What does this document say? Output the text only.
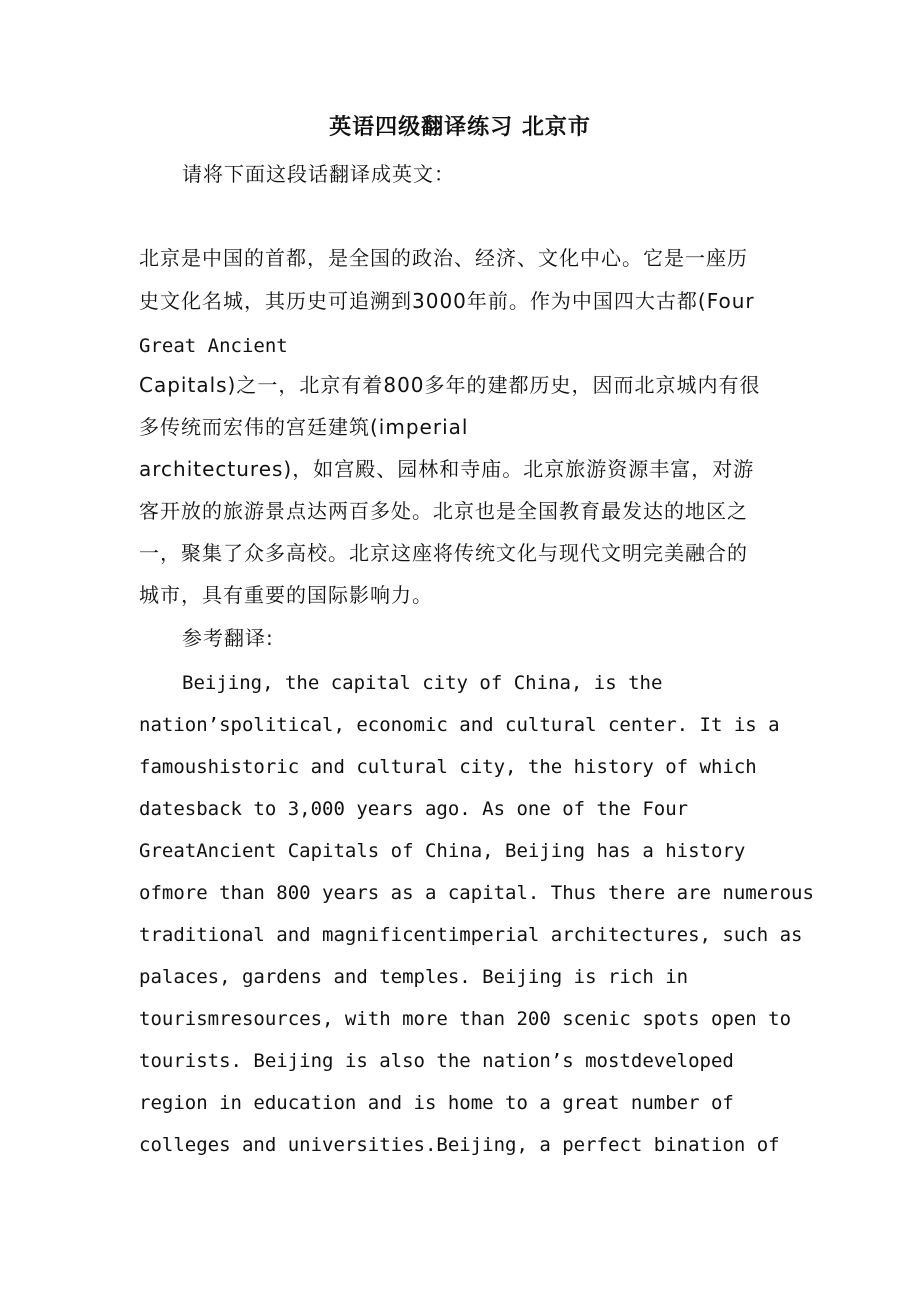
英语四级翻译练习 北京市
请将下面这段话翻译成英文：
北京是中国的首都，是全国的政治、经济、文化中心。它是一座历
史文化名城，其历史可追溯到3000年前。作为中国四大古都(Four
Great Ancient
Capitals)之一，北京有着800多年的建都历史，因而北京城内有很
多传统而宏伟的宫廷建筑(imperial
architectures)，如宫殿、园林和寺庙。北京旅游资源丰富，对游
客开放的旅游景点达两百多处。北京也是全国教育最发达的地区之
一，聚集了众多高校。北京这座将传统文化与现代文明完美融合的
城市，具有重要的国际影响力。
参考翻译:
Beijing, the capital city of China, is the
nation’spolitical, economic and cultural center. It is a
famoushistoric and cultural city, the history of which
datesback to 3,000 years ago. As one of the Four
GreatAncient Capitals of China, Beijing has a history
ofmore than 800 years as a capital. Thus there are numerous
traditional and magnificentimperial architectures, such as
palaces, gardens and temples. Beijing is rich in
tourismresources, with more than 200 scenic spots open to
tourists. Beijing is also the nation’s mostdeveloped
region in education and is home to a great number of
colleges and universities.Beijing, a perfect bination of
